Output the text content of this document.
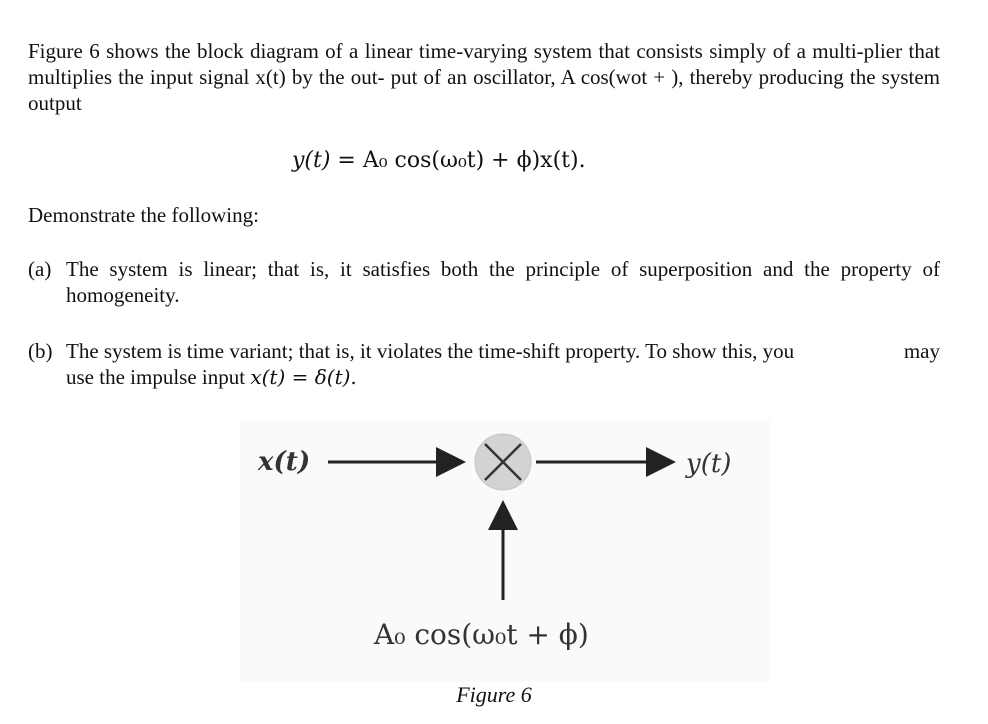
Figure 6 shows the block diagram of a linear time-varying system that consists simply of a multi-plier that multiplies the input signal x(t) by the out- put of an oscillator, A cos(wot + ), thereby producing the system output
y(t) = A₀ cos(ω₀t) + ϕ)x(t).
Demonstrate the following:
(a) The system is linear; that is, it satisfies both the principle of superposition and the property of homogeneity.
(b) The system is time variant; that is, it violates the time-shift property. To show this, you	may
use the impulse input x(t) = δ(t).
x(t)	y(t)
A₀ cos(ω₀t + ϕ)
Figure 6
